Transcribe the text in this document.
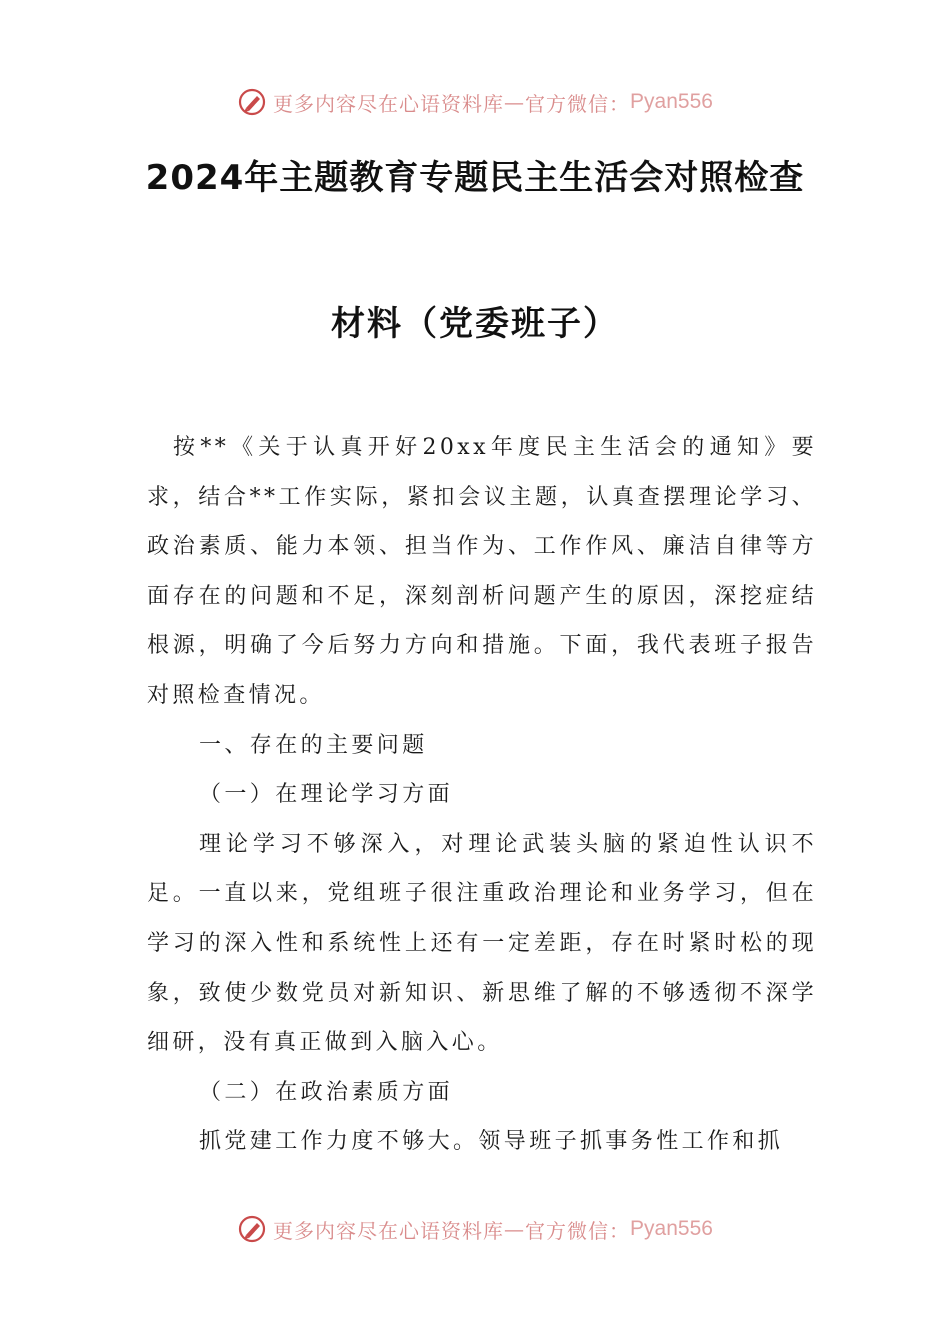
更多内容尽在心语资料库 — 官方微信： Pyan556
2024年主题教育专题民主生活会对照检查
材料（党委班子）

按**《关于认真开好20xx年度民主生活会的通知》要求，结合**工作实际，紧扣会议主题，认真查摆理论学习、政治素质、能力本领、担当作为、工作作风、廉洁自律等方面存在的问题和不足，深刻剖析问题产生的原因，深挖症结根源，明确了今后努力方向和措施。下面，我代表班子报告对照检查情况。

一、存在的主要问题

（一）在理论学习方面

理论学习不够深入，对理论武装头脑的紧迫性认识不足。一直以来，党组班子很注重政治理论和业务学习，但在学习的深入性和系统性上还有一定差距，存在时紧时松的现象，致使少数党员对新知识、新思维了解的不够透彻不深学细研，没有真正做到入脑入心。

（二）在政治素质方面

抓党建工作力度不够大。领导班子抓事务性工作和抓

更多内容尽在心语资料库 — 官方微信： Pyan556
